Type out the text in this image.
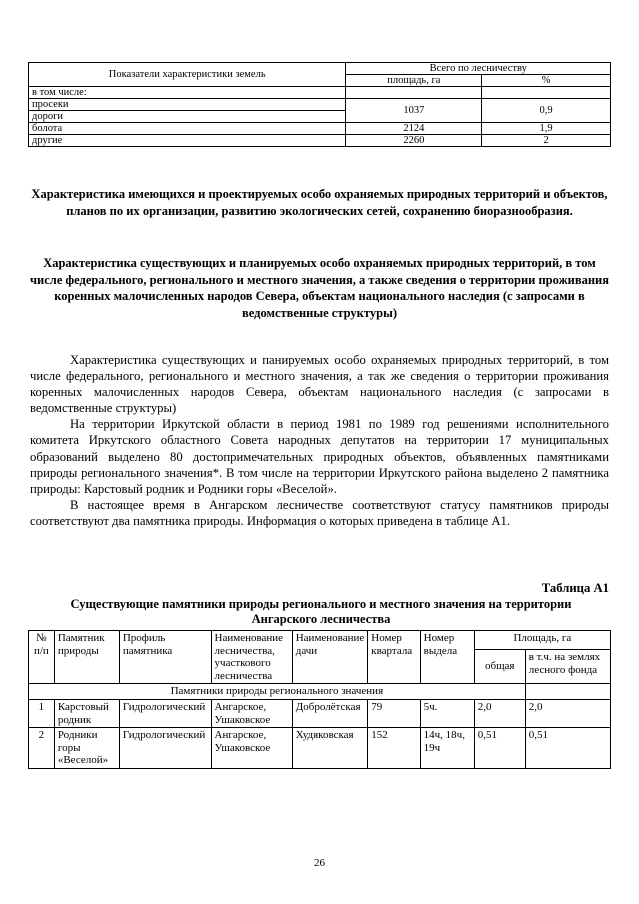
Показатели характеристики земель	Всего по лесничеству	
	площадь, га	%
в том числе:		
просеки	1037	0,9
дороги		
болота	2124	1,9
другие	2260	2

Характеристика имеющихся и проектируемых особо охраняемых природных территорий и объектов, планов по их организации, развитию экологических сетей, сохранению биоразнообразия.

Характеристика существующих и планируемых особо охраняемых природных территорий, в том числе федерального, регионального и местного значения, а также сведения о территории проживания коренных малочисленных народов Севера, объектам национального наследия (с запросами в ведомственные структуры)

Характеристика существующих и панируемых особо охраняемых природных территорий, в том числе федерального, регионального и местного значения, а так же сведения о территории проживания коренных малочисленных народов Севера, объектам национального наследия (с запросами в ведомственные структуры)

На территории Иркутской области в период 1981 по 1989 год решениями исполнительного комитета Иркутского областного Совета народных депутатов на территории 17 муниципальных образований выделено 80 достопримечательных природных объектов, объявленных памятниками природы регионального значения*. В том числе на территории Иркутского района выделено 2 памятника природы: Карстовый родник и Родники горы «Веселой».

В настоящее время в Ангарском лесничестве соответствуют статусу памятников природы соответствуют два памятника природы. Информация о которых приведена в таблице А1.

Таблица А1

Существующие памятники природы регионального и местного значения на территории Ангарского лесничества

№ п/п	Памятник природы	Профиль памятника	Наименование лесничества, участкового лесничества	Наименование дачи	Номер квартала	Номер выдела	Площадь, га	
							общая	в т.ч. на землях лесного фонда
Памятники природы регионального значения								
1	Карстовый родник	Гидрологический	Ангарское, Ушаковское	Добролётская	79	5ч.	2,0	2,0
2	Родники горы «Веселой»	Гидрологический	Ангарское, Ушаковское	Худяковская	152	14ч, 18ч, 19ч	0,51	0,51
26
